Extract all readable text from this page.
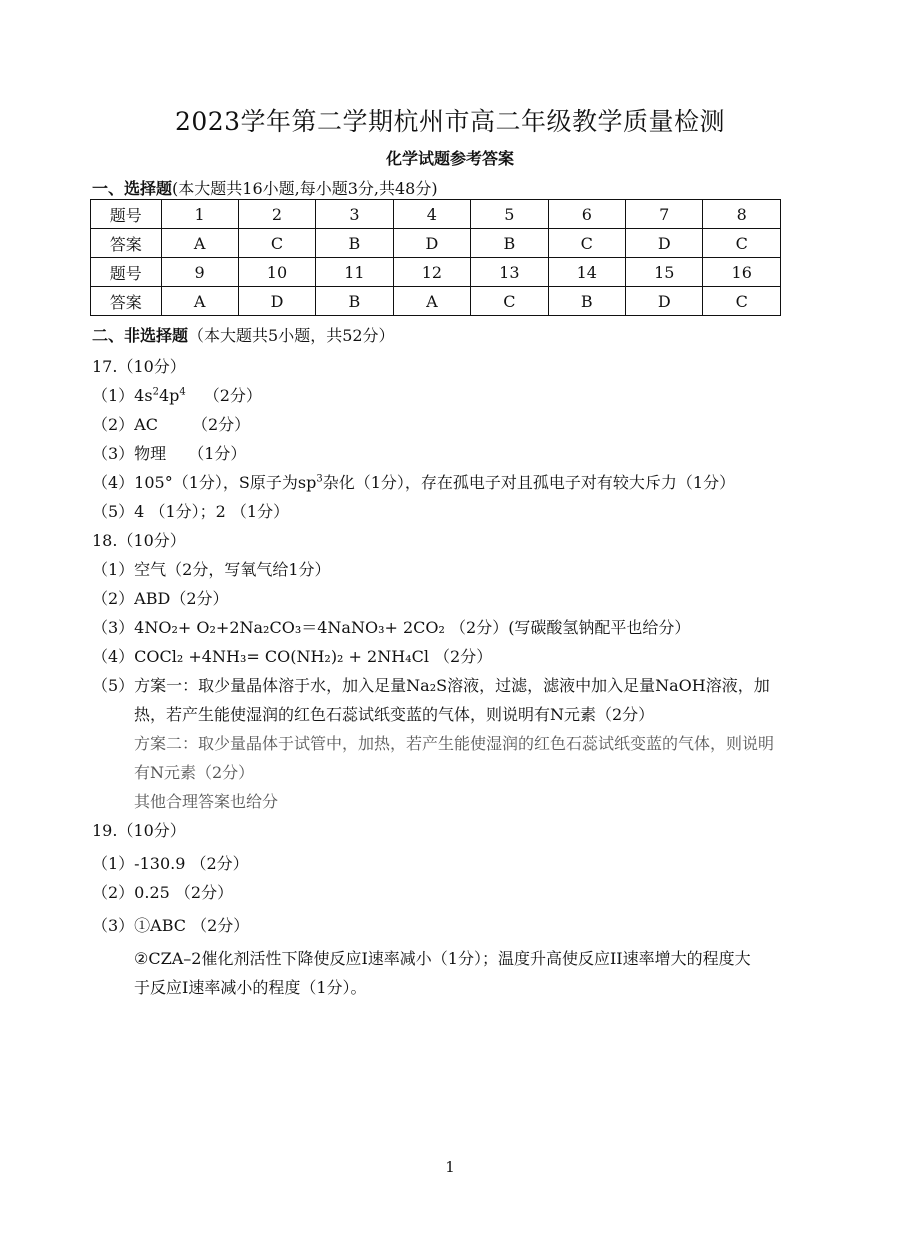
2023学年第二学期杭州市高二年级教学质量检测
化学试题参考答案
一、选择题(本大题共16小题,每小题3分,共48分)
题号	1	2	3	4	5	6	7	8
答案	A	C	B	D	B	C	D	C
题号	9	10	11	12	13	14	15	16
答案	A	D	B	A	C	B	D	C
二、非选择题（本大题共5小题，共52分）
17.（10分）
$(1)4s^24p^4$ （2分）
（2）AC （2分）
（3）物理 （1分）
（4）105°（1分），S原子为$sp^3$杂化（1分），存在孤电子对且孤电子对有较大斥力（1分）
（5）4 （1分）；2 （1分）
18.（10分）
（1）空气（2分，写氧气给1分）
（2）ABD（2分）
（3）4NO₂+ O₂+2Na₂CO₃＝4NaNO₃+ 2CO₂ （2分）(写碳酸氢钠配平也给分）
（4）COCl₂ +4NH₃= CO(NH₂)₂ + 2NH₄Cl （2分）
（5）方案一：取少量晶体溶于水，加入足量Na₂S溶液，过滤，滤液中加入足量NaOH溶液，加
热，若产生能使湿润的红色石蕊试纸变蓝的气体，则说明有N元素（2分）
方案二：取少量晶体于试管中，加热，若产生能使湿润的红色石蕊试纸变蓝的气体，则说明
有N元素（2分）
其他合理答案也给分
19.（10分）
（1）-130.9 （2分）
（2）0.25 （2分）
（3）①ABC （2分）
②CZA–2催化剂活性下降使反应I速率减小（1分）；温度升高使反应II速率增大的程度大
于反应I速率减小的程度（1分）。
1
